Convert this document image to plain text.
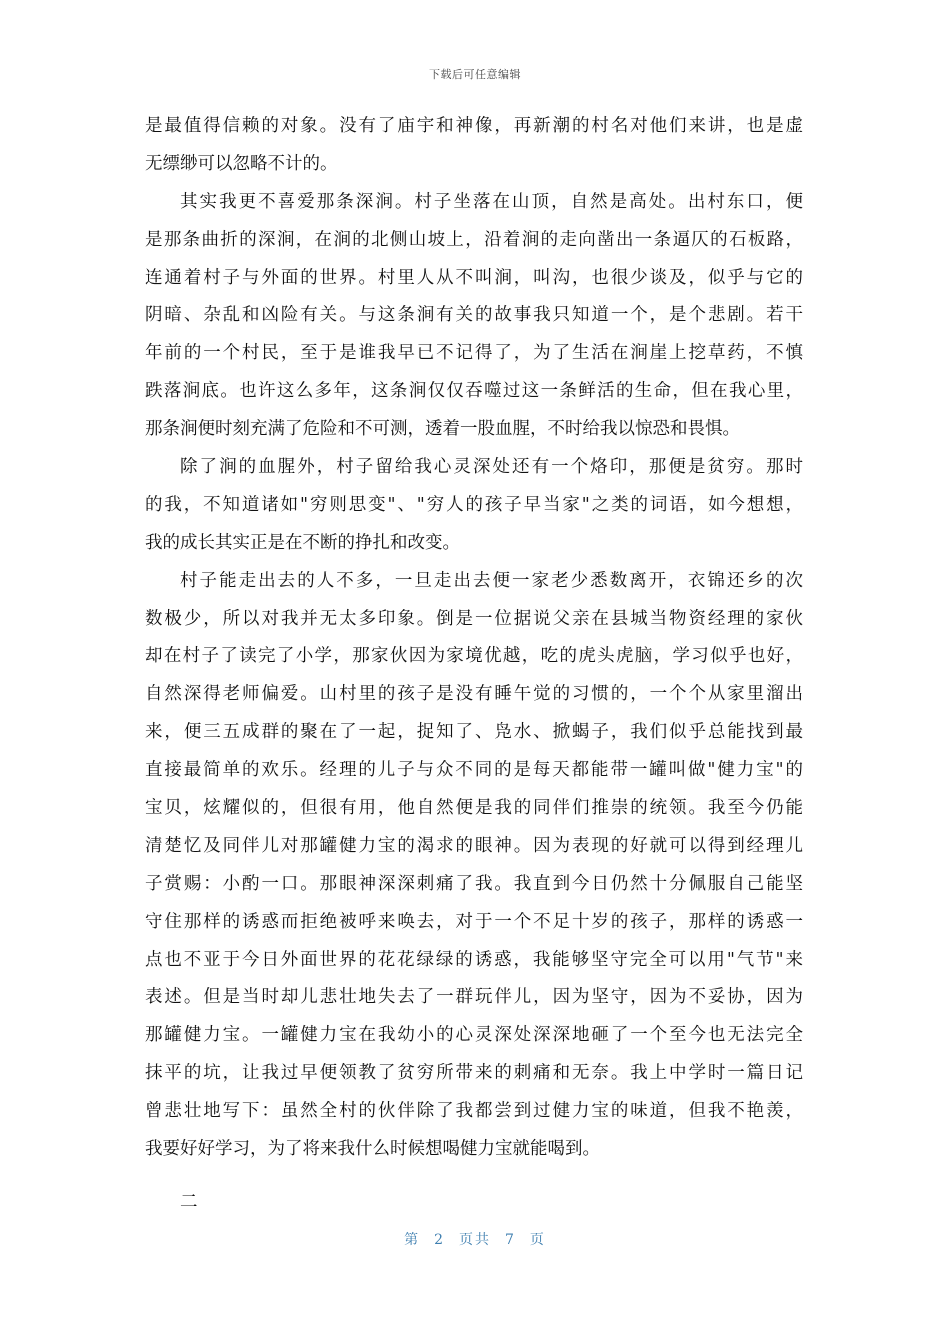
下载后可任意编辑
是最值得信赖的对象。没有了庙宇和神像，再新潮的村名对他们来讲，也是虚
无缥缈可以忽略不计的。
其实我更不喜爱那条深涧。村子坐落在山顶，自然是高处。出村东口，便
是那条曲折的深涧，在涧的北侧山坡上，沿着涧的走向凿出一条逼仄的石板路，
连通着村子与外面的世界。村里人从不叫涧，叫沟，也很少谈及，似乎与它的
阴暗、杂乱和凶险有关。与这条涧有关的故事我只知道一个，是个悲剧。若干
年前的一个村民，至于是谁我早已不记得了，为了生活在涧崖上挖草药，不慎
跌落涧底。也许这么多年，这条涧仅仅吞噬过这一条鲜活的生命，但在我心里，
那条涧便时刻充满了危险和不可测，透着一股血腥，不时给我以惊恐和畏惧。
除了涧的血腥外，村子留给我心灵深处还有一个烙印，那便是贫穷。那时
的我，不知道诸如"穷则思变"、"穷人的孩子早当家"之类的词语，如今想想，
我的成长其实正是在不断的挣扎和改变。
村子能走出去的人不多，一旦走出去便一家老少悉数离开，衣锦还乡的次
数极少，所以对我并无太多印象。倒是一位据说父亲在县城当物资经理的家伙
却在村子了读完了小学，那家伙因为家境优越，吃的虎头虎脑，学习似乎也好，
自然深得老师偏爱。山村里的孩子是没有睡午觉的习惯的，一个个从家里溜出
来，便三五成群的聚在了一起，捉知了、凫水、掀蝎子，我们似乎总能找到最
直接最简单的欢乐。经理的儿子与众不同的是每天都能带一罐叫做"健力宝"的
宝贝，炫耀似的，但很有用，他自然便是我的同伴们推崇的统领。我至今仍能
清楚忆及同伴儿对那罐健力宝的渴求的眼神。因为表现的好就可以得到经理儿
子赏赐：小酌一口。那眼神深深刺痛了我。我直到今日仍然十分佩服自己能坚
守住那样的诱惑而拒绝被呼来唤去，对于一个不足十岁的孩子，那样的诱惑一
点也不亚于今日外面世界的花花绿绿的诱惑，我能够坚守完全可以用"气节"来
表述。但是当时却儿悲壮地失去了一群玩伴儿，因为坚守，因为不妥协，因为
那罐健力宝。一罐健力宝在我幼小的心灵深处深深地砸了一个至今也无法完全
抹平的坑，让我过早便领教了贫穷所带来的刺痛和无奈。我上中学时一篇日记
曾悲壮地写下：虽然全村的伙伴除了我都尝到过健力宝的味道，但我不艳羡，
我要好好学习，为了将来我什么时候想喝健力宝就能喝到。
二
第 2 页共 7 页
